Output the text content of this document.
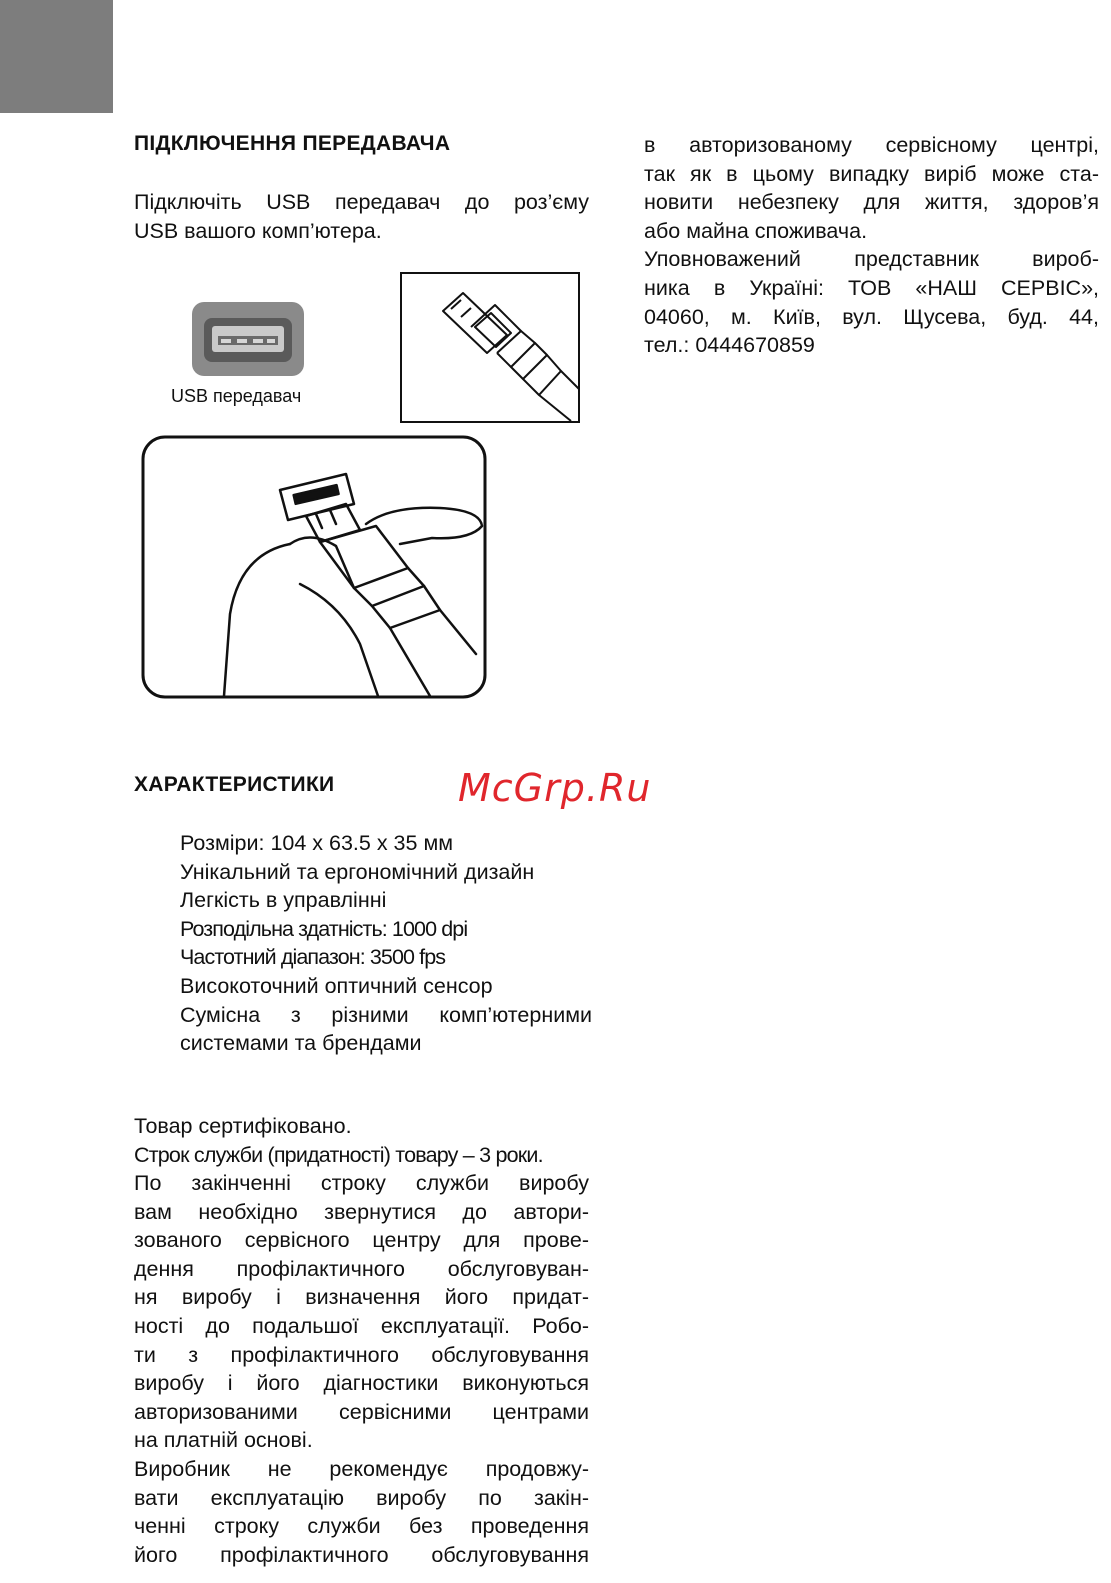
ПІДКЛЮЧЕННЯ ПЕРЕДАВАЧА
Підключіть USB передавач до роз’єму
USB вашого комп’ютера.
USB передавач
в авторизованому сервісному центрі,
так як в цьому випадку виріб може ста-
новити небезпеку для життя, здоров’я
або майна споживача.
Уповноважений представник вироб-
ника в Україні: ТОВ «НАШ СЕРВІС»,
04060, м. Київ, вул. Щусева, буд. 44,
тел.: 0444670859
ХАРАКТЕРИСТИКИ	McGrp.Ru
Розміри: 104 x 63.5 x 35 мм
Унікальний та ергономічний дизайн
Легкість в управлінні
Розподільна здатність: 1000 dpi
Частотний діапазон: 3500 fps
Високоточний оптичний сенсор
Сумісна з різними комп’ютерними
системами та брендами
Товар сертифіковано.
Строк служби (придатності) товару – 3 роки.
По закінченні строку служби виробу
вам необхідно звернутися до автори-
зованого сервісного центру для прове-
дення профілактичного обслуговуван-
ня виробу і визначення його придат-
ності до подальшої експлуатації. Робо-
ти з профілактичного обслуговування
виробу і його діагностики виконуються
авторизованими сервісними центрами
на платній основі.
Виробник не рекомендує продовжу-
вати експлуатацію виробу по закін-
ченні строку служби без проведення
його профілактичного обслуговування
